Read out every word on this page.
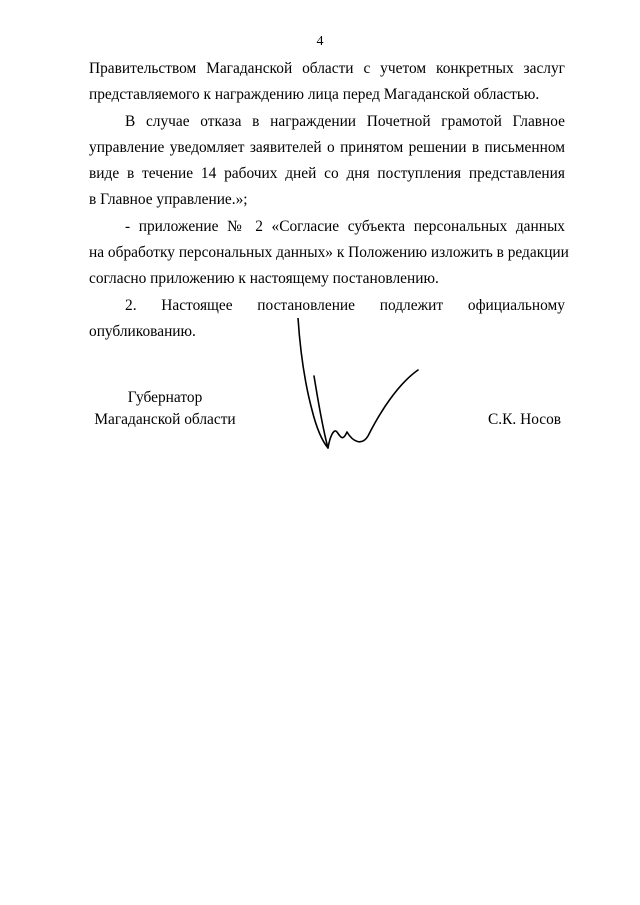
4

Правительством Магаданской области с учетом конкретных заслуг
представляемого к награждению лица перед Магаданской областью.

В случае отказа в награждении Почетной грамотой Главное
управление уведомляет заявителей о принятом решении в письменном
виде в течение 14 рабочих дней со дня поступления представления
в Главное управление.»;

- приложение № 2 «Согласие субъекта персональных данных
на обработку персональных данных» к Положению изложить в редакции
согласно приложению к настоящему постановлению.

2. Настоящее постановление подлежит официальному
опубликованию.

Губернатор
Магаданской области	С.К. Носов
